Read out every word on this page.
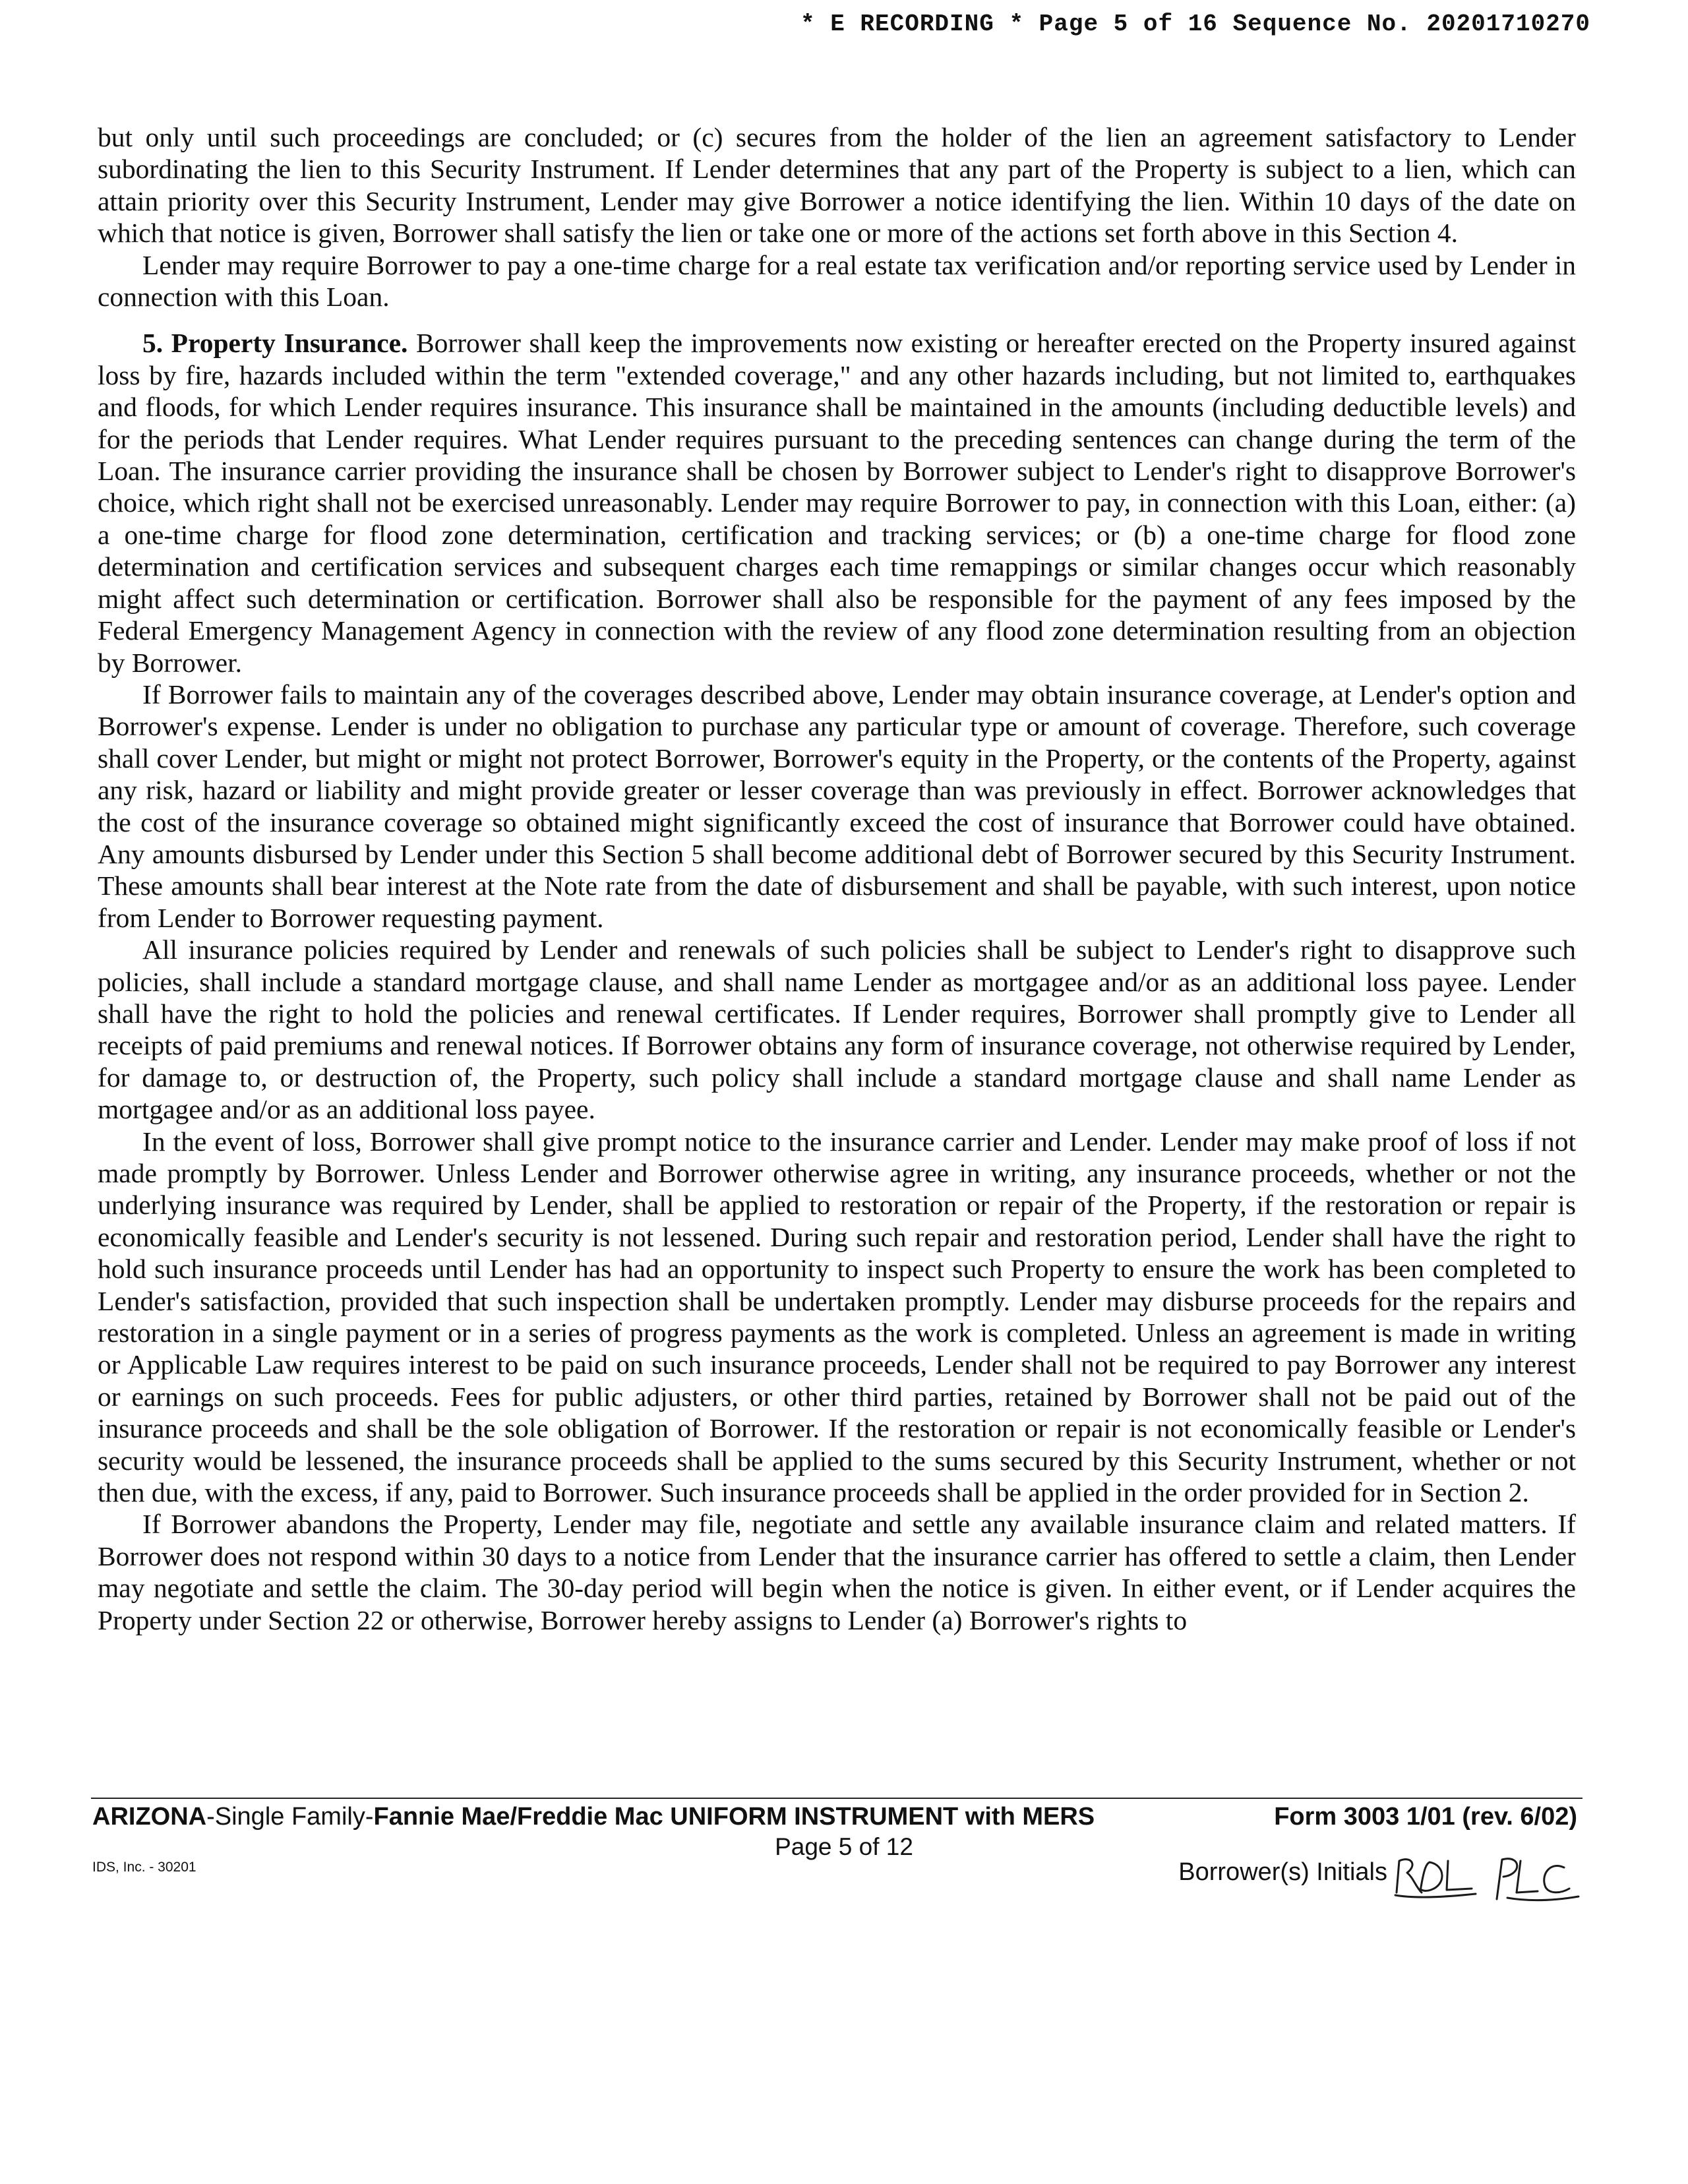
* E RECORDING * Page 5 of 16 Sequence No. 20201710270

but only until such proceedings are concluded; or (c) secures from the holder of the lien an agreement satisfactory to Lender subordinating the lien to this Security Instrument. If Lender determines that any part of the Property is subject to a lien, which can attain priority over this Security Instrument, Lender may give Borrower a notice identifying the lien. Within 10 days of the date on which that notice is given, Borrower shall satisfy the lien or take one or more of the actions set forth above in this Section 4.

Lender may require Borrower to pay a one-time charge for a real estate tax verification and/or reporting service used by Lender in connection with this Loan.

5. Property Insurance. Borrower shall keep the improvements now existing or hereafter erected on the Property insured against loss by fire, hazards included within the term "extended coverage," and any other hazards including, but not limited to, earthquakes and floods, for which Lender requires insurance. This insurance shall be maintained in the amounts (including deductible levels) and for the periods that Lender requires. What Lender requires pursuant to the preceding sentences can change during the term of the Loan. The insurance carrier providing the insurance shall be chosen by Borrower subject to Lender's right to disapprove Borrower's choice, which right shall not be exercised unreasonably. Lender may require Borrower to pay, in connection with this Loan, either: (a) a one-time charge for flood zone determination, certification and tracking services; or (b) a one-time charge for flood zone determination and certification services and subsequent charges each time remappings or similar changes occur which reasonably might affect such determination or certification. Borrower shall also be responsible for the payment of any fees imposed by the Federal Emergency Management Agency in connection with the review of any flood zone determination resulting from an objection by Borrower.

If Borrower fails to maintain any of the coverages described above, Lender may obtain insurance coverage, at Lender's option and Borrower's expense. Lender is under no obligation to purchase any particular type or amount of coverage. Therefore, such coverage shall cover Lender, but might or might not protect Borrower, Borrower's equity in the Property, or the contents of the Property, against any risk, hazard or liability and might provide greater or lesser coverage than was previously in effect. Borrower acknowledges that the cost of the insurance coverage so obtained might significantly exceed the cost of insurance that Borrower could have obtained. Any amounts disbursed by Lender under this Section 5 shall become additional debt of Borrower secured by this Security Instrument. These amounts shall bear interest at the Note rate from the date of disbursement and shall be payable, with such interest, upon notice from Lender to Borrower requesting payment.

All insurance policies required by Lender and renewals of such policies shall be subject to Lender's right to disapprove such policies, shall include a standard mortgage clause, and shall name Lender as mortgagee and/or as an additional loss payee. Lender shall have the right to hold the policies and renewal certificates. If Lender requires, Borrower shall promptly give to Lender all receipts of paid premiums and renewal notices. If Borrower obtains any form of insurance coverage, not otherwise required by Lender, for damage to, or destruction of, the Property, such policy shall include a standard mortgage clause and shall name Lender as mortgagee and/or as an additional loss payee.

In the event of loss, Borrower shall give prompt notice to the insurance carrier and Lender. Lender may make proof of loss if not made promptly by Borrower. Unless Lender and Borrower otherwise agree in writing, any insurance proceeds, whether or not the underlying insurance was required by Lender, shall be applied to restoration or repair of the Property, if the restoration or repair is economically feasible and Lender's security is not lessened. During such repair and restoration period, Lender shall have the right to hold such insurance proceeds until Lender has had an opportunity to inspect such Property to ensure the work has been completed to Lender's satisfaction, provided that such inspection shall be undertaken promptly. Lender may disburse proceeds for the repairs and restoration in a single payment or in a series of progress payments as the work is completed. Unless an agreement is made in writing or Applicable Law requires interest to be paid on such insurance proceeds, Lender shall not be required to pay Borrower any interest or earnings on such proceeds. Fees for public adjusters, or other third parties, retained by Borrower shall not be paid out of the insurance proceeds and shall be the sole obligation of Borrower. If the restoration or repair is not economically feasible or Lender's security would be lessened, the insurance proceeds shall be applied to the sums secured by this Security Instrument, whether or not then due, with the excess, if any, paid to Borrower. Such insurance proceeds shall be applied in the order provided for in Section 2.

If Borrower abandons the Property, Lender may file, negotiate and settle any available insurance claim and related matters. If Borrower does not respond within 30 days to a notice from Lender that the insurance carrier has offered to settle a claim, then Lender may negotiate and settle the claim. The 30-day period will begin when the notice is given. In either event, or if Lender acquires the Property under Section 22 or otherwise, Borrower hereby assigns to Lender (a) Borrower's rights to

ARIZONA-Single Family-Fannie Mae/Freddie Mac UNIFORM INSTRUMENT with MERS	Form 3003 1/01 (rev. 6/02)
Page 5 of 12
IDS, Inc. - 30201	Borrower(s) Initials
